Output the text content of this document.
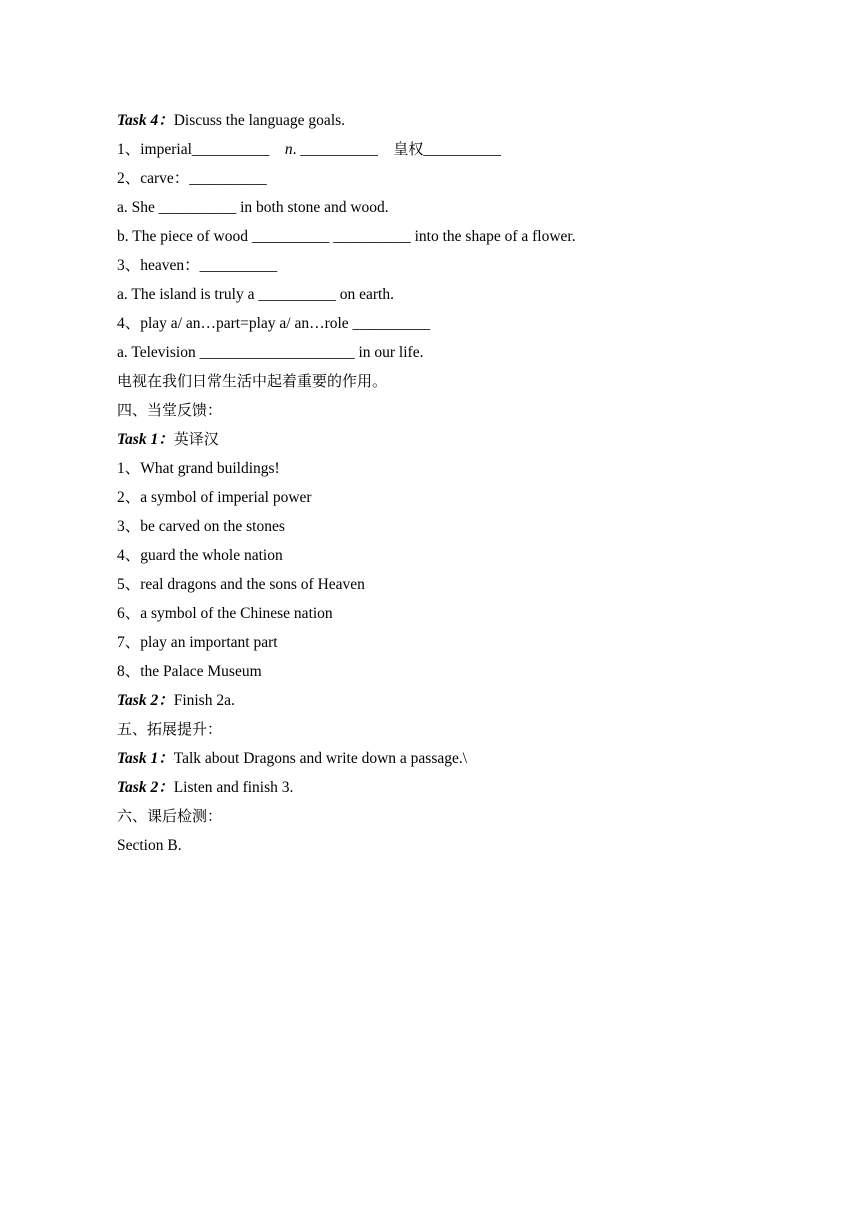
Task 4：Discuss the language goals.
1、imperial__________    n. __________    皇权__________
2、carve：__________
a. She __________ in both stone and wood.
b. The piece of wood __________ __________ into the shape of a flower.
3、heaven：__________
a. The island is truly a __________ on earth.
4、play a/ an…part=play a/ an…role __________
a. Television ____________________ in our life.
电视在我们日常生活中起着重要的作用。
四、当堂反馈：
Task 1：英译汉
1、What grand buildings!
2、a symbol of imperial power
3、be carved on the stones
4、guard the whole nation
5、real dragons and the sons of Heaven
6、a symbol of the Chinese nation
7、play an important part
8、the Palace Museum
Task 2：Finish 2a.
五、拓展提升：
Task 1：Talk about Dragons and write down a passage.\
Task 2：Listen and finish 3.
六、课后检测：
Section B.
